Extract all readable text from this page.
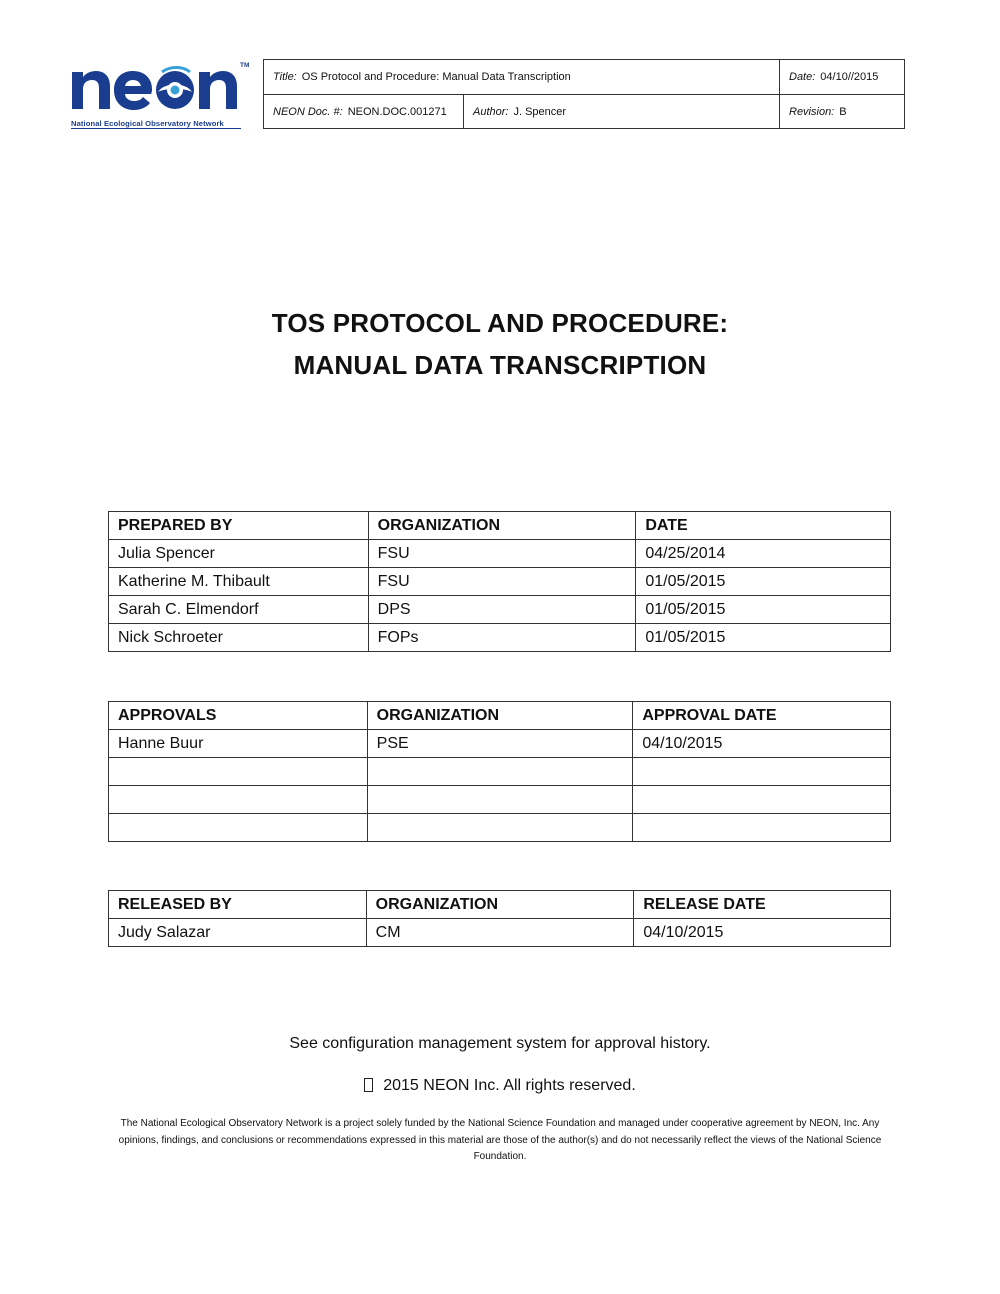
TM
National Ecological Observatory Network
Title: OS Protocol and Procedure: Manual Data Transcription	Date: 04/10//2015
NEON Doc. #: NEON.DOC.001271 Author: J. Spencer	Revision: B
TOS PROTOCOL AND PROCEDURE:
MANUAL DATA TRANSCRIPTION
PREPARED BY	ORGANIZATION	DATE
Julia Spencer	FSU	04/25/2014
Katherine M. Thibault	FSU	01/05/2015
Sarah C. Elmendorf	DPS	01/05/2015
Nick Schroeter	FOPs	01/05/2015
APPROVALS	ORGANIZATION	APPROVAL DATE
Hanne Buur	PSE	04/10/2015

RELEASED BY	ORGANIZATION	RELEASE DATE
Judy Salazar	CM	04/10/2015
See configuration management system for approval history.
2015 NEON Inc. All rights reserved.
The National Ecological Observatory Network is a project solely funded by the National Science Foundation and managed under cooperative agreement by NEON, Inc. Any opinions, findings, and conclusions or recommendations expressed in this material are those of the author(s) and do not necessarily reflect the views of the National Science Foundation.
